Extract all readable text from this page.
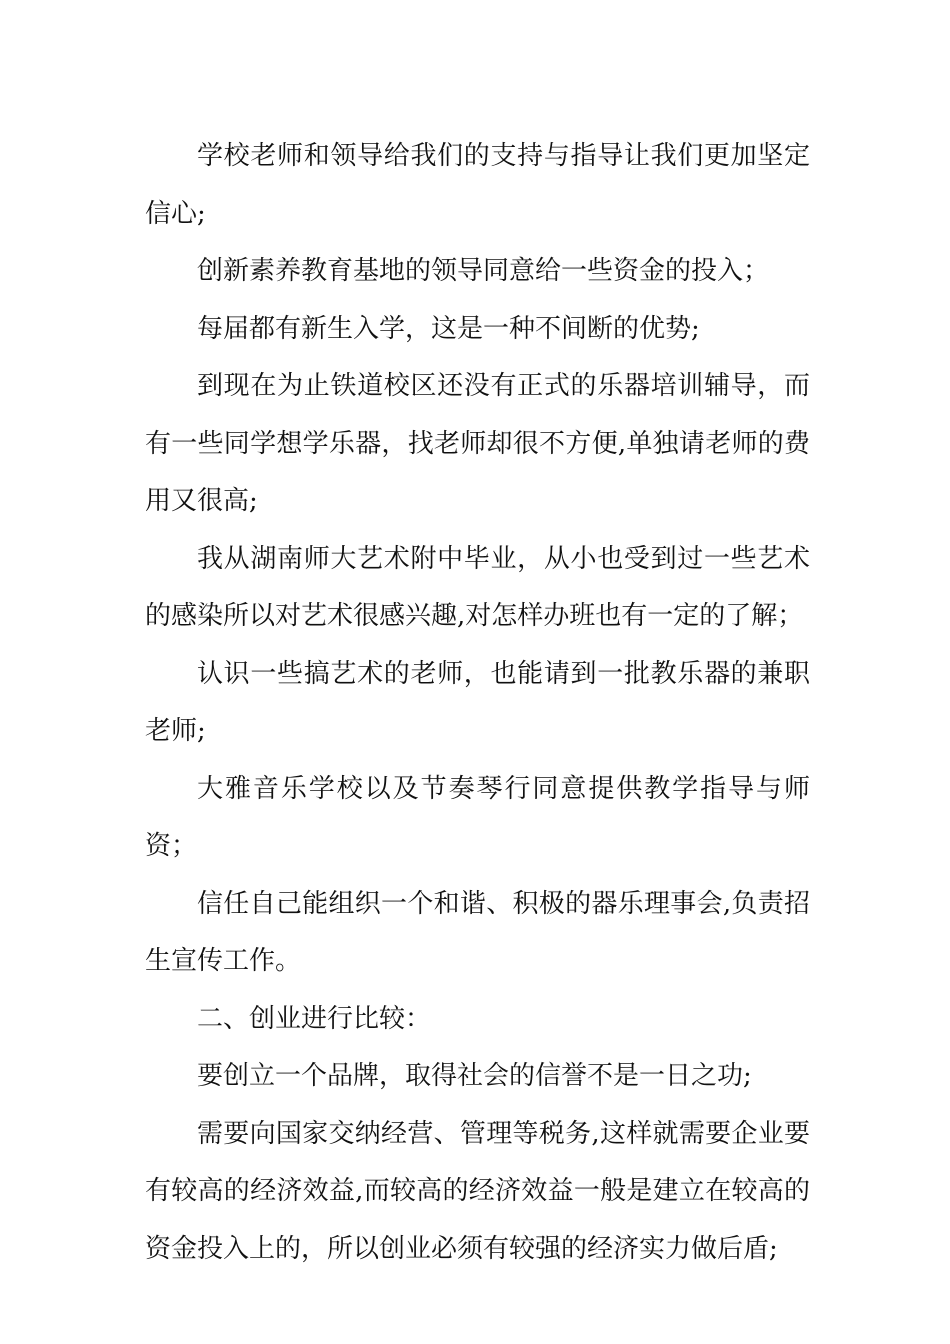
学校老师和领导给我们的支持与指导让我们更加坚定信心;

创新素养教育基地的领导同意给一些资金的投入；

每届都有新生入学，这是一种不间断的优势;

到现在为止铁道校区还没有正式的乐器培训辅导，而有一些同学想学乐器，找老师却很不方便,单独请老师的费用又很高;

我从湖南师大艺术附中毕业，从小也受到过一些艺术的感染所以对艺术很感兴趣,对怎样办班也有一定的了解；

认识一些搞艺术的老师，也能请到一批教乐器的兼职老师;

大雅音乐学校以及节奏琴行同意提供教学指导与师资；

信任自己能组织一个和谐、积极的器乐理事会,负责招生宣传工作。

二、创业进行比较：

要创立一个品牌，取得社会的信誉不是一日之功;

需要向国家交纳经营、管理等税务,这样就需要企业要有较高的经济效益,而较高的经济效益一般是建立在较高的资金投入上的，所以创业必须有较强的经济实力做后盾;
